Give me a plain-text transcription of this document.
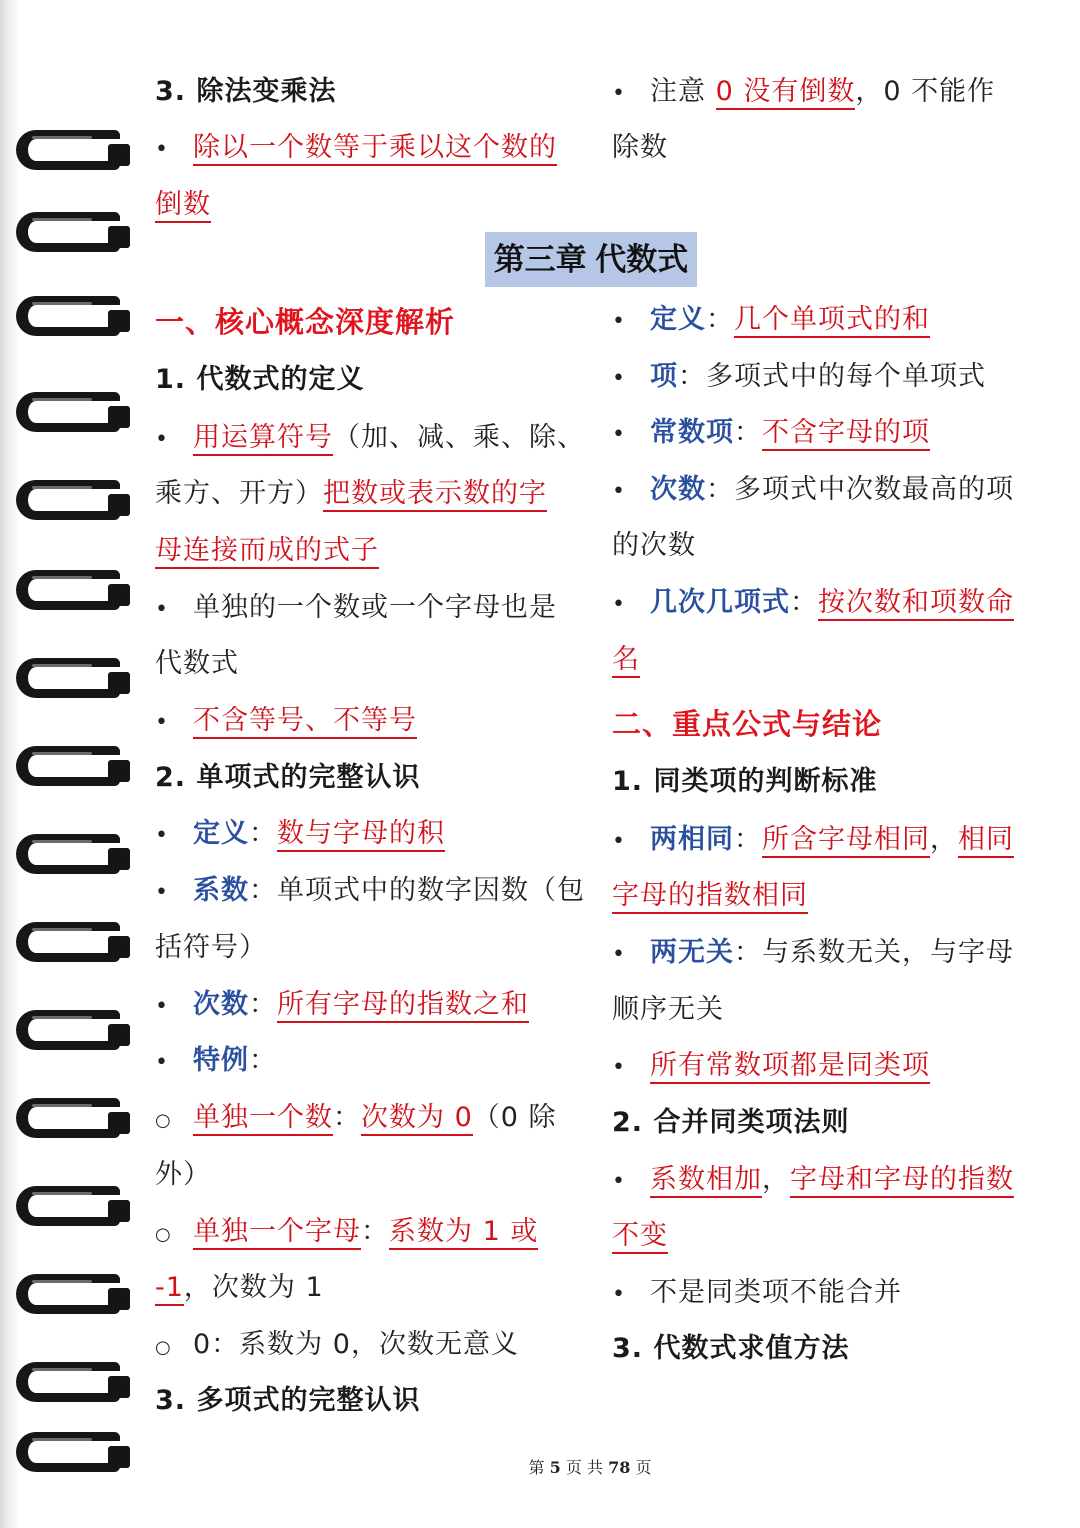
第三章 代数式
3. 除法变乘法
• 除以一个数等于乘以这个数的
倒数
一、核心概念深度解析
1. 代数式的定义
• 用运算符号（加、减、乘、除、
乘方、开方）把数或表示数的字
母连接而成的式子
• 单独的一个数或一个字母也是
代数式
• 不含等号、不等号
2. 单项式的完整认识
• 定义：数与字母的积
• 系数：单项式中的数字因数（包
括符号）
• 次数：所有字母的指数之和
• 特例：
○ 单独一个数：次数为 0（0 除
外）
○ 单独一个字母：系数为 1 或
-1，次数为 1
○ 0：系数为 0，次数无意义
3. 多项式的完整认识
• 注意 0 没有倒数，0 不能作
除数
• 定义：几个单项式的和
• 项：多项式中的每个单项式
• 常数项：不含字母的项
• 次数：多项式中次数最高的项
的次数
• 几次几项式：按次数和项数命
名
二、重点公式与结论
1. 同类项的判断标准
• 两相同：所含字母相同，相同
字母的指数相同
• 两无关：与系数无关，与字母
顺序无关
• 所有常数项都是同类项
2. 合并同类项法则
• 系数相加，字母和字母的指数
不变
• 不是同类项不能合并
3. 代数式求值方法
第 5 页 共 78 页
